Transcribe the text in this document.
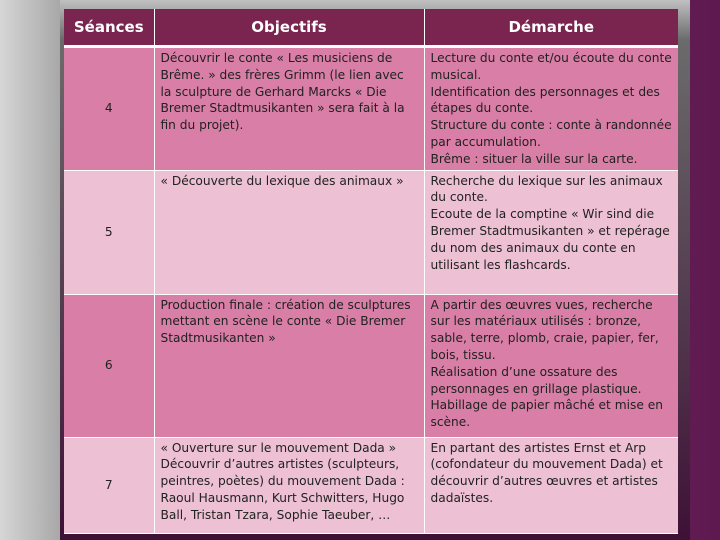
Séances	Objectifs	Démarche
4	Découvrir le conte « Les musiciens de Brême. » des frères Grimm (le lien avec la sculpture de Gerhard Marcks « Die Bremer Stadtmusikanten » sera fait à la fin du projet).	Lecture du conte et/ou écoute du conte musical.
Identification des personnages et des étapes du conte.
Structure du conte : conte à randonnée par accumulation.
Brême : situer la ville sur la carte.

5	« Découverte du lexique des animaux »	Recherche du lexique sur les animaux du conte.
Ecoute de la comptine « Wir sind die Bremer Stadtmusikanten » et repérage du nom des animaux du conte en utilisant les flashcards.

6	Production finale : création de sculptures mettant en scène le conte « Die Bremer Stadtmusikanten »	A partir des œuvres vues, recherche sur les matériaux utilisés : bronze, sable, terre, plomb, craie, papier, fer, bois, tissu.
Réalisation d’une ossature des personnages en grillage plastique.
Habillage de papier mâché et mise en scène.

7	« Ouverture sur le mouvement Dada » Découvrir d’autres artistes (sculpteurs, peintres, poètes) du mouvement Dada : Raoul Hausmann, Kurt Schwitters, Hugo Ball, Tristan Tzara, Sophie Taeuber, …	En partant des artistes Ernst et Arp (cofondateur du mouvement Dada) et découvrir d’autres œuvres et artistes dadaïstes.
